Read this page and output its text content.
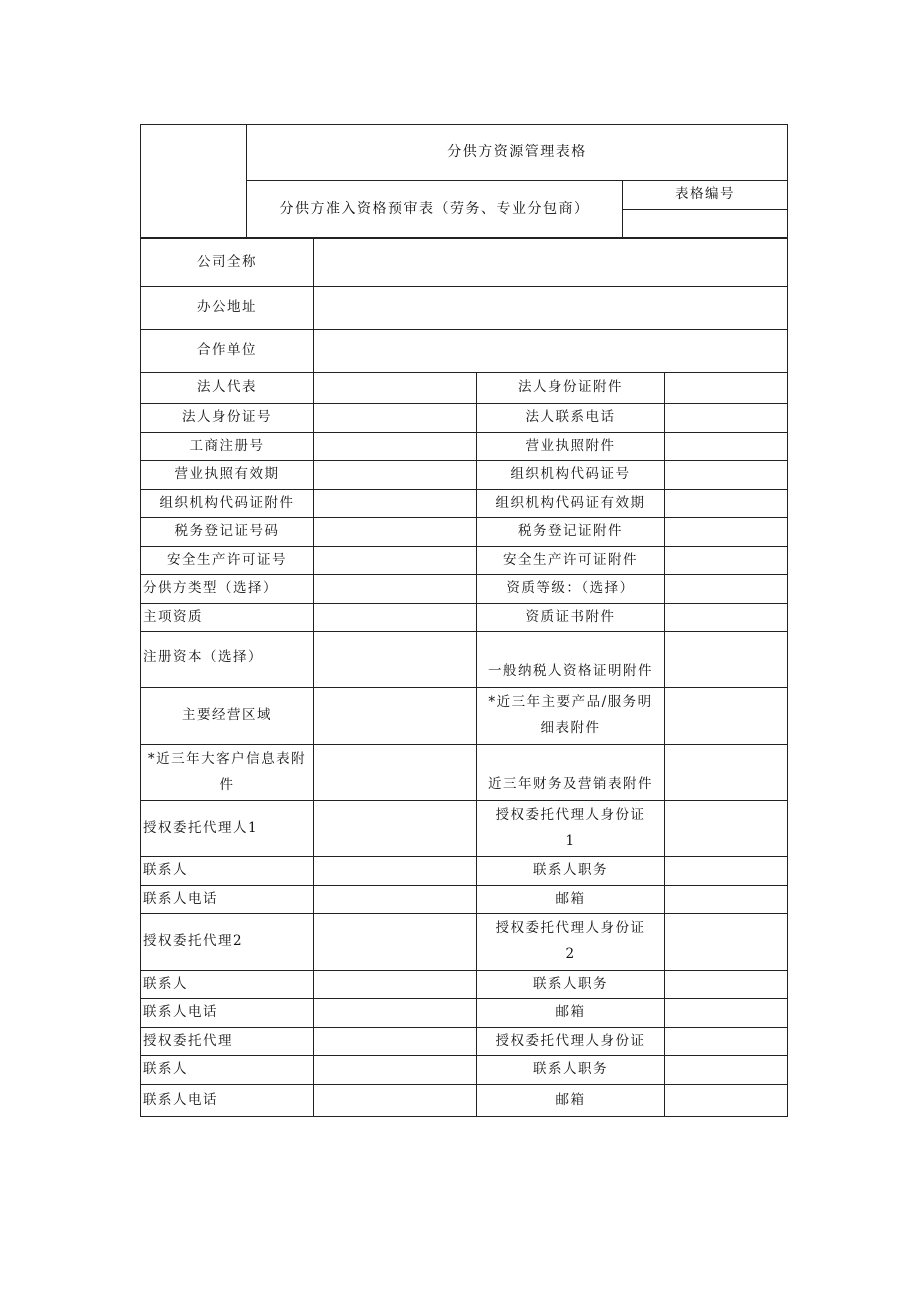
	分供方资源管理表格	
	分供方准入资格预审表（劳务、专业分包商）	表格编号

公司全称			
办公地址			
合作单位			
法人代表		法人身份证附件	
法人身份证号		法人联系电话	
工商注册号		营业执照附件	
营业执照有效期		组织机构代码证号	
组织机构代码证附件		组织机构代码证有效期	
税务登记证号码		税务登记证附件	
安全生产许可证号		安全生产许可证附件	
分供方类型（选择）		资质等级：（选择）	
主项资质		资质证书附件	
注册资本（选择）		一般纳税人资格证明附件	
主要经营区域		*近三年主要产品/服务明
细表附件	

*近三年大客户信息表附
件		近三年财务及营销表附件	
授权委托代理人1		授权委托代理人身份证
1	

联系人		联系人职务	
联系人电话		邮箱	
授权委托代理2		授权委托代理人身份证
2	

联系人		联系人职务	
联系人电话		邮箱	
授权委托代理		授权委托代理人身份证	
联系人		联系人职务	
联系人电话		邮箱	
